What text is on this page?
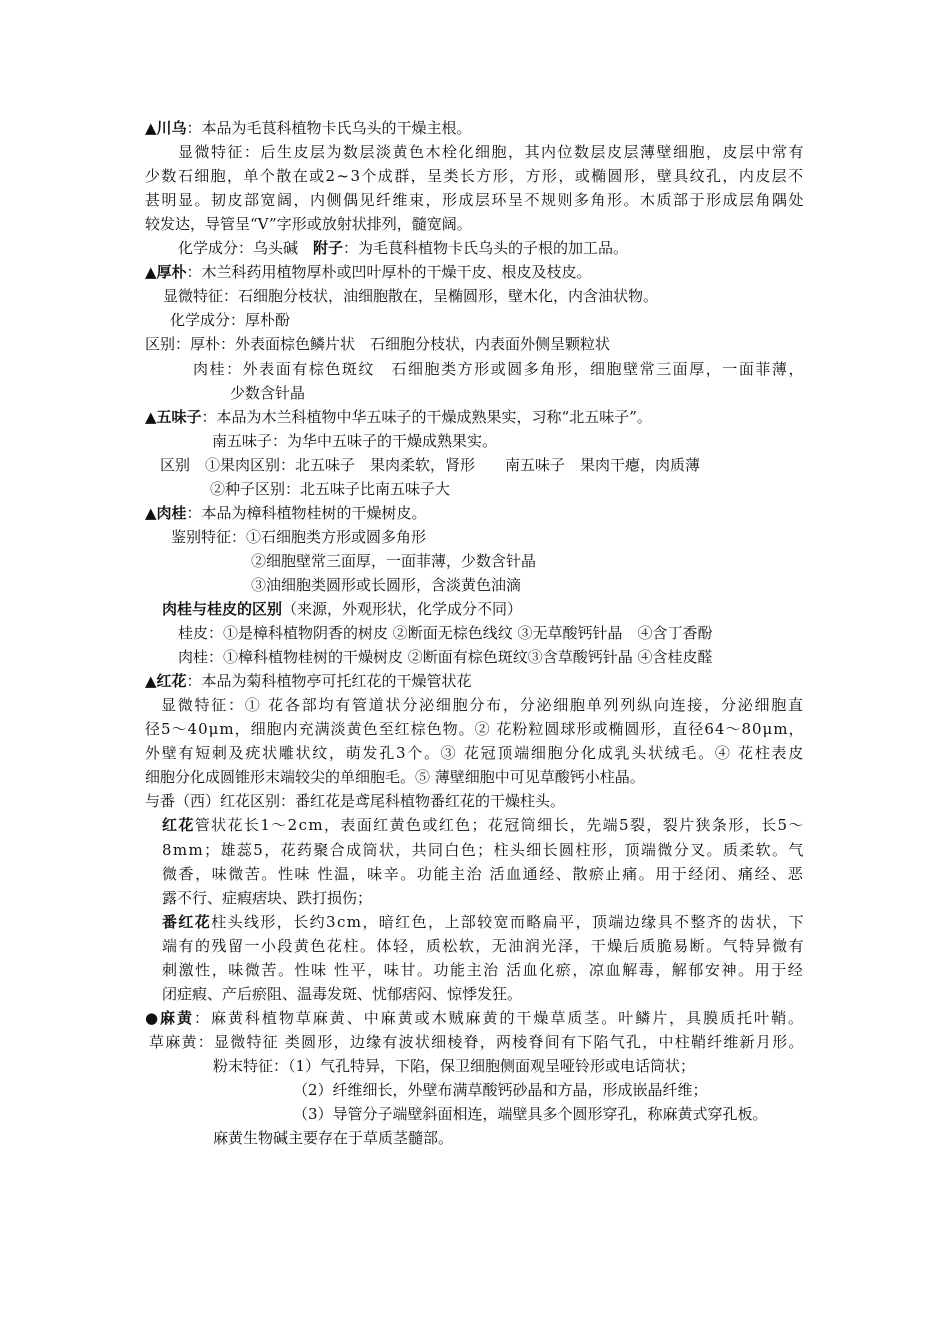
▲川乌：本品为毛茛科植物卡氏乌头的干燥主根。
显微特征：后生皮层为数层淡黄色木栓化细胞，其内位数层皮层薄壁细胞，皮层中常有
少数石细胞，单个散在或2~3个成群，呈类长方形，方形，或椭圆形，壁具纹孔，内皮层不
甚明显。韧皮部宽阔，内侧偶见纤维束，形成层环呈不规则多角形。木质部于形成层角隅处
较发达，导管呈“V”字形或放射状排列，髓宽阔。
化学成分：乌头碱　附子：为毛茛科植物卡氏乌头的子根的加工品。
▲厚朴：木兰科药用植物厚朴或凹叶厚朴的干燥干皮、根皮及枝皮。
显微特征：石细胞分枝状，油细胞散在，呈椭圆形，壁木化，内含油状物。
化学成分：厚朴酚
区别：厚朴：外表面棕色鳞片状　石细胞分枝状，内表面外侧呈颗粒状
肉桂：外表面有棕色斑纹　石细胞类方形或圆多角形，细胞壁常三面厚，一面菲薄，
少数含针晶
▲五味子：本品为木兰科植物中华五味子的干燥成熟果实，习称“北五味子”。
南五味子：为华中五味子的干燥成熟果实。
区别　①果肉区别：北五味子　果肉柔软，肾形　　南五味子　果肉干瘪，肉质薄
②种子区别：北五味子比南五味子大
▲肉桂：本品为樟科植物桂树的干燥树皮。
鉴别特征：①石细胞类方形或圆多角形
②细胞壁常三面厚，一面菲薄，少数含针晶
③油细胞类圆形或长圆形，含淡黄色油滴
肉桂与桂皮的区别（来源，外观形状，化学成分不同）
桂皮：①是樟科植物阴香的树皮 ②断面无棕色线纹 ③无草酸钙针晶　④含丁香酚
肉桂：①樟科植物桂树的干燥树皮 ②断面有棕色斑纹③含草酸钙针晶 ④含桂皮醛
▲红花：本品为菊科植物亭可托红花的干燥管状花
显微特征：① 花各部均有管道状分泌细胞分布，分泌细胞单列列纵向连接，分泌细胞直
径5～40μm，细胞内充满淡黄色至红棕色物。② 花粉粒圆球形或椭圆形，直径64～80μm，
外壁有短刺及疣状雕状纹，萌发孔3个。③ 花冠顶端细胞分化成乳头状绒毛。④ 花柱表皮
细胞分化成圆锥形末端较尖的单细胞毛。⑤ 薄壁细胞中可见草酸钙小柱晶。
与番（西）红花区别：番红花是鸢尾科植物番红花的干燥柱头。
红花管状花长1～2cm，表面红黄色或红色；花冠筒细长，先端5裂，裂片狭条形，长5～
8mm；雄蕊5，花药聚合成筒状，共同白色；柱头细长圆柱形，顶端微分叉。质柔软。气
微香，味微苦。性味 性温，味辛。功能主治 活血通经、散瘀止痛。用于经闭、痛经、恶
露不行、症瘕痞块、跌打损伤；
番红花柱头线形，长约3cm，暗红色，上部较宽而略扁平，顶端边缘具不整齐的齿状，下
端有的残留一小段黄色花柱。体轻，质松软，无油润光泽，干燥后质脆易断。气特异微有
刺激性，味微苦。性味 性平，味甘。功能主治 活血化瘀，凉血解毒，解郁安神。用于经
闭症瘕、产后瘀阻、温毒发斑、忧郁痞闷、惊悸发狂。
●麻黄：麻黄科植物草麻黄、中麻黄或木贼麻黄的干燥草质茎。叶鳞片，具膜质托叶鞘。
草麻黄：显微特征 类圆形，边缘有波状细棱脊，两棱脊间有下陷气孔，中柱鞘纤维新月形。
粉末特征：（1）气孔特异，下陷，保卫细胞侧面观呈哑铃形或电话筒状；
（2）纤维细长，外壁布满草酸钙砂晶和方晶，形成嵌晶纤维；
（3）导管分子端壁斜面相连，端壁具多个圆形穿孔，称麻黄式穿孔板。
麻黄生物碱主要存在于草质茎髓部。
